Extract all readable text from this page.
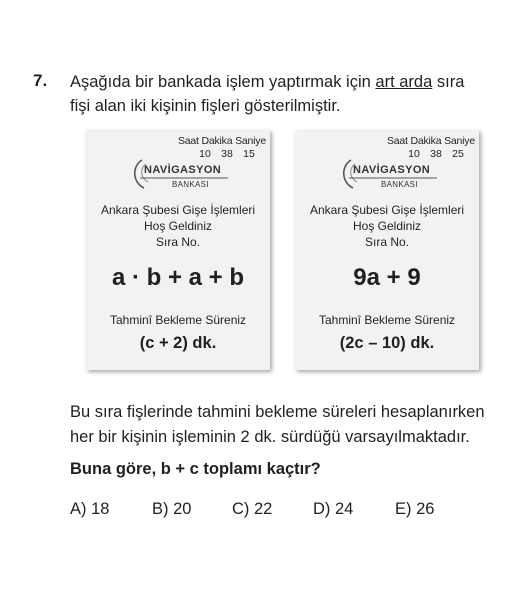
7. Aşağıda bir bankada işlem yaptırmak için art arda sıra
fişi alan iki kişinin fişleri gösterilmiştir.
Saat Dakika Saniye
10 38 15
NAVİGASYON
BANKASI
Ankara Şubesi Gişe İşlemleri
Hoş Geldiniz
Sıra No.
a · b + a + b
Tahminî Bekleme Süreniz
(c + 2) dk.
Saat Dakika Saniye
10 38 25
NAVİGASYON
BANKASI
Ankara Şubesi Gişe İşlemleri
Hoş Geldiniz
Sıra No.
9a + 9
Tahminî Bekleme Süreniz
(2c – 10) dk.
Bu sıra fişlerinde tahmini bekleme süreleri hesaplanırken
her bir kişinin işleminin 2 dk. sürdüğü varsayılmaktadır.
Buna göre, b + c toplamı kaçtır?
A) 18	B) 20 C) 22 D) 24	E) 26
